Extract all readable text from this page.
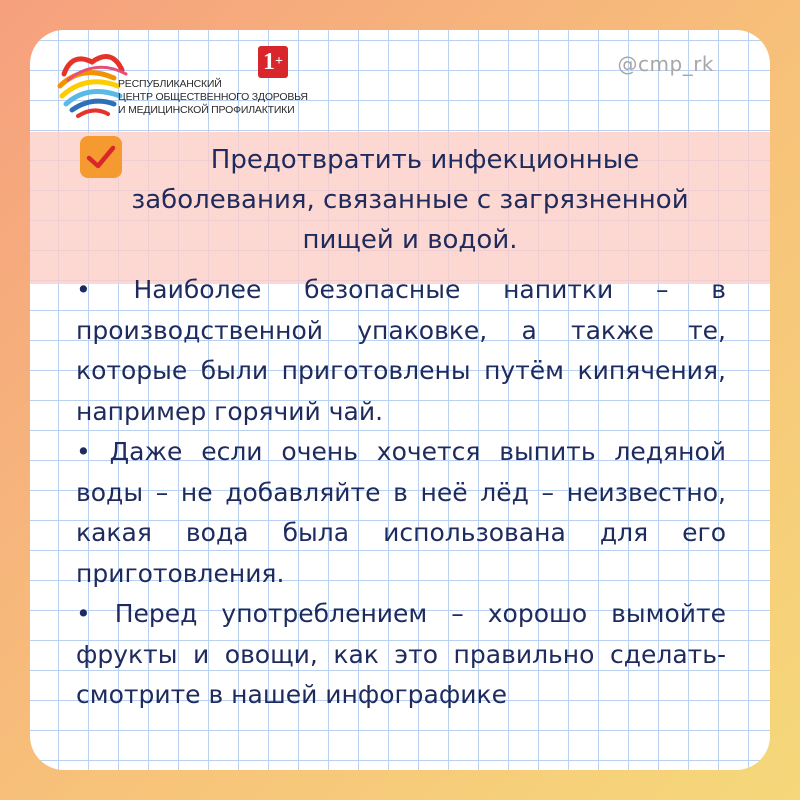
1+
РЕСПУБЛИКАНСКИЙ
ЦЕНТР ОБЩЕСТВЕННОГО ЗДОРОВЬЯ
И МЕДИЦИНСКОЙ ПРОФИЛАКТИКИ
@cmp_rk
Предотвратить инфекционные
заболевания, связанные с загрязненной
пищей и водой.

• Наиболее безопасные напитки – в производственной упаковке, а также те, которые были приготовлены путём кипячения, например горячий чай.

• Даже если очень хочется выпить ледяной воды – не добавляйте в неё лёд – неизвестно, какая вода была использована для его приготовления.

• Перед употреблением – хорошо вымойте фрукты и овощи, как это правильно сделать- смотрите в нашей инфографике
